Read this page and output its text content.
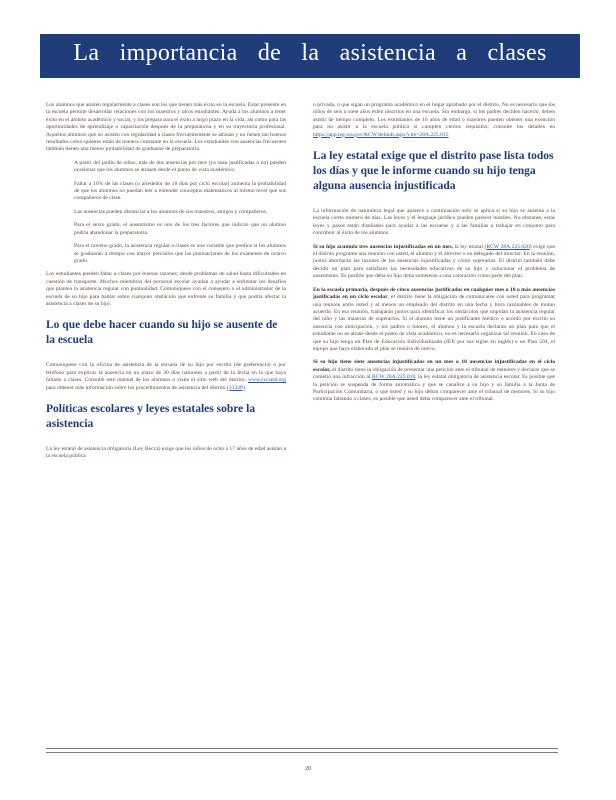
La importancia de la asistencia a clases

Los alumnos que asisten regularmente a clases son los que tienen más éxito en la escuela. Estar presente en la escuela permite desarrollar relaciones con los maestros y otros estudiantes. Ayuda a los alumnos a tener éxito en el ámbito académico y social, y los prepara para el éxito a largo plazo en la vida, así como para las oportunidades de aprendizaje o capacitación después de la preparatoria y en su trayectoria profesional. Aquellos alumnos que no asisten con regularidad a clases frecuentemente se atrasan y no tienen tan buenos resultados como quienes están de manera constante en la escuela. Los estudiantes con ausencias frecuentes también tienen una menor probabilidad de graduarse de preparatoria.

A partir del jardín de niños, más de dos ausencias por mes (ya sean justificadas o no) pueden ocasionar que los alumnos se atrasen desde el punto de vista académico.

Faltar a 10% de las clases (o alrededor de 18 días por ciclo escolar) aumenta la probabilidad de que los alumnos no puedan leer o entender conceptos matemáticos al mismo nivel que sus compañeros de clase.

Las ausencias pueden distanciar a los alumnos de sus maestros, amigos y compañeros.

Para el sexto grado, el ausentismo es uno de los tres factores que indican que un alumno podría abandonar la preparatoria.

Para el noveno grado, la asistencia regular a clases es una variable que predice si los alumnos se graduarán a tiempo con mayor precisión que las puntuaciones de los exámenes de octavo grado.

Los estudiantes pueden faltar a clases por buenas razones: desde problemas de salud hasta dificultades en cuestión de transporte. Muchos miembros del personal escolar ayudan a ayudar a enfrentar los desafíos que plantea la asistencia regular con puntualidad. Comuníquese con el consejero o el administrador de la escuela de su hijo para hablar sobre cualquier obstáculo que enfrente su familia y que podría afectar la asistencia a clases de su hijo.

Lo que debe hacer cuando su hijo se ausente de la escuela

Comuníquese con la oficina de asistencia de la escuela de su hijo por escrito (de preferencia) o por teléfono para explicar la ausencia en un plazo de 30 días naturales a partir de la fecha en la que haya faltado a clases. Consulte este manual de los alumnos o visite el sitio web del distrito, www.cccseal.org para obtener más información sobre los procedimientos de asistencia del distrito (3122P)

Políticas escolares y leyes estatales sobre la asistencia

La ley estatal de asistencia obligatoria (Ley Becca) exige que los niños de ocho a 17 años de edad asistan a la escuela pública

o privada, o que sigan un programa académico en el hogar aprobado por el distrito. No es necesario que los niños de seis o siete años estén inscritos en una escuela. Sin embargo, si los padres deciden hacerlo, deben asistir de tiempo completo. Los estudiantes de 16 años de edad o mayores pueden obtener una exención para no asistir a la escuela pública si cumplen ciertos requisitos; consulte los detalles en https://app.leg.wa.gov/RCW/default.aspx?cite=28A.225.015

La ley estatal exige que el distrito pase lista todos los días y que le informe cuando su hijo tenga alguna ausencia injustificada

La información de naturaleza legal que aparece a continuación solo se aplica si su hijo se ausenta a la escuela cierto número de días. Las leyes y el lenguaje jurídico pueden parecer hostiles. No obstante, estas leyes y pasos están diseñados para ayudar a las escuelas y a las familias a trabajar en conjunto para contribuir al éxito de los alumnos.

Si su hijo acumula tres ausencias injustificadas en un mes, la ley estatal (RCW 28A.225.020) exige que el distrito programe una reunión con usted, el alumno y el director o un delegado del director. En la reunión, juntos abordarán las razones de las ausencias injustificadas y cómo superarlas. El distrito también debe decidir un plan para satisfacer las necesidades educativas de su hijo y solucionar el problema de ausentismo. Es posible que deba su hijo deba someterse a una valoración como parte del plan.

En la escuela primaria, después de cinco ausencias justificadas en cualquier mes o 10 o más ausencias justificadas en un ciclo escolar, el distrito tiene la obligación de comunicarse con usted para programar una reunión entre usted y al menos un empleado del distrito en una fecha y hora razonables de mutuo acuerdo. En esa reunión, trabajarán juntos para identificar los obstáculos que impidan la asistencia regular del niño y las maneras de superarlos. Si el alumno tiene un justificante médico o acordó por escrito su ausencia con anticipación, y los padres o tutores, el alumno y la escuela declaran un plan para que el estudiante no se atrase desde el punto de vista académico, no es necesario organizar tal reunión. En caso de que su hijo tenga un Plan de Educación Individualizado (IEP, por sus siglas en inglés) o un Plan 504, el equipo que haya elaborado el plan se reunirá de nuevo.

Si su hijo tiene siete ausencias injustificadas en un mes o 10 ausencias injustificadas en el ciclo escolar, el distrito tiene la obligación de presentar una petición ante el tribunal de menores y declarar que se cometió una infracción al RCW 28A.225.010, la ley estatal obligatoria de asistencia escolar. Es posible que la petición se suspenda de forma automática y que se canalice a su hijo y su familia a la Junta de Participación Comunitaria, o que usted y su hijo deban comparecer ante el tribunal de menores. Si su hijo continúa faltando a clases, es posible que usted deba comparecer ante el tribunal.

20
